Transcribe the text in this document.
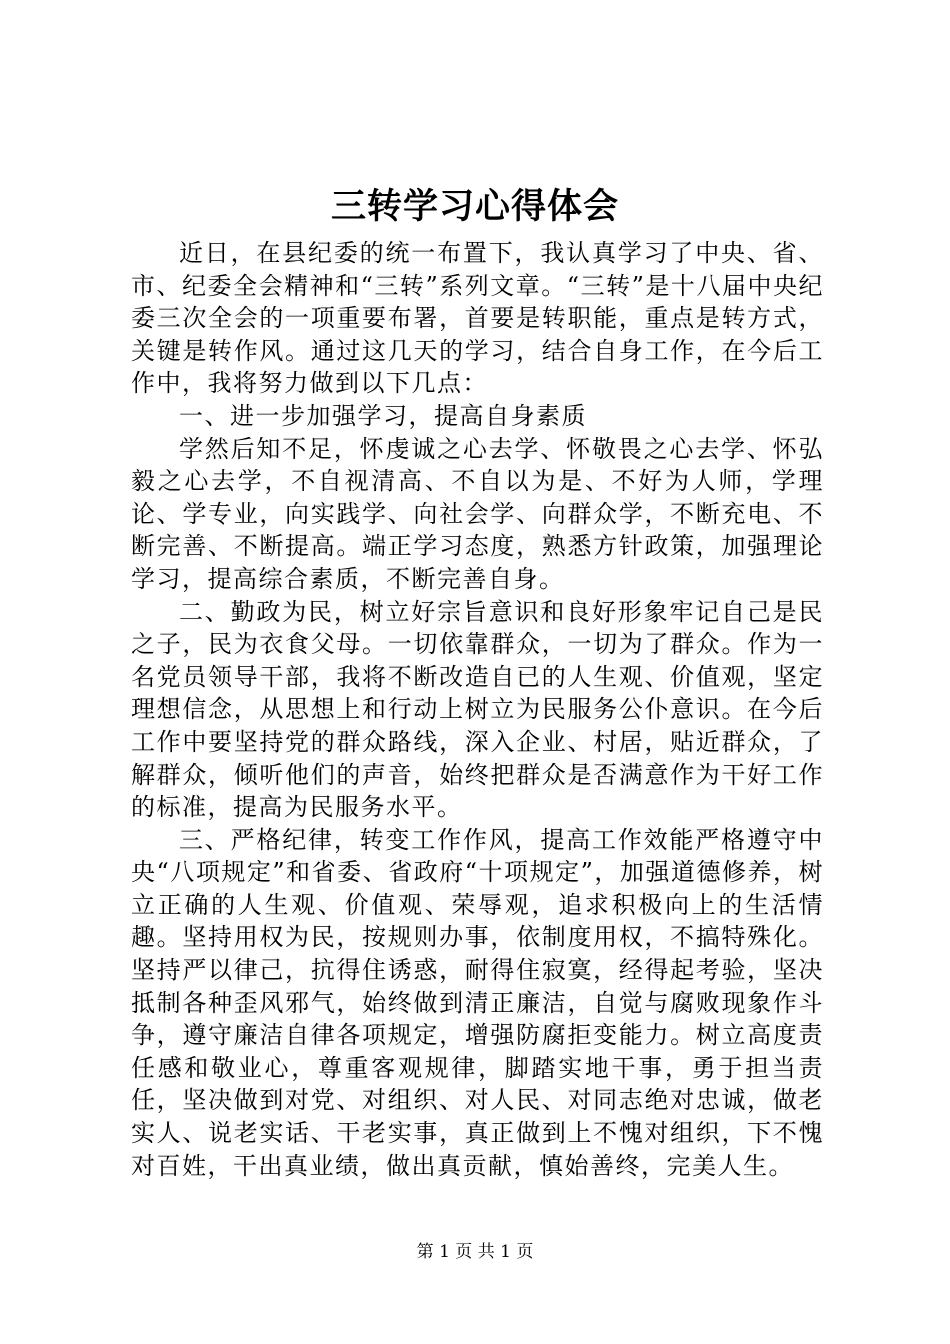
三转学习心得体会

近日，在县纪委的统一布置下，我认真学习了中央、省、市、纪委全会精神和“三转”系列文章。“三转”是十八届中央纪委三次全会的一项重要布署，首要是转职能，重点是转方式，关键是转作风。通过这几天的学习，结合自身工作，在今后工作中，我将努力做到以下几点：

一、进一步加强学习，提高自身素质

学然后知不足，怀虔诚之心去学、怀敬畏之心去学、怀弘毅之心去学，不自视清高、不自以为是、不好为人师，学理论、学专业，向实践学、向社会学、向群众学，不断充电、不断完善、不断提高。端正学习态度，熟悉方针政策，加强理论学习，提高综合素质，不断完善自身。

二、勤政为民，树立好宗旨意识和良好形象牢记自己是民之子，民为衣食父母。一切依靠群众，一切为了群众。作为一名党员领导干部，我将不断改造自已的人生观、价值观，坚定理想信念，从思想上和行动上树立为民服务公仆意识。在今后工作中要坚持党的群众路线，深入企业、村居，贴近群众，了解群众，倾听他们的声音，始终把群众是否满意作为干好工作的标准，提高为民服务水平。

三、严格纪律，转变工作作风，提高工作效能严格遵守中央“八项规定”和省委、省政府“十项规定”，加强道德修养，树立正确的人生观、价值观、荣辱观，追求积极向上的生活情趣。坚持用权为民，按规则办事，依制度用权，不搞特殊化。坚持严以律己，抗得住诱惑，耐得住寂寞，经得起考验，坚决抵制各种歪风邪气，始终做到清正廉洁，自觉与腐败现象作斗争，遵守廉洁自律各项规定，增强防腐拒变能力。树立高度责任感和敬业心，尊重客观规律，脚踏实地干事，勇于担当责任，坚决做到对党、对组织、对人民、对同志绝对忠诚，做老实人、说老实话、干老实事，真正做到上不愧对组织，下不愧对百姓，干出真业绩，做出真贡献，慎始善终，完美人生。

第 1 页 共 1 页
